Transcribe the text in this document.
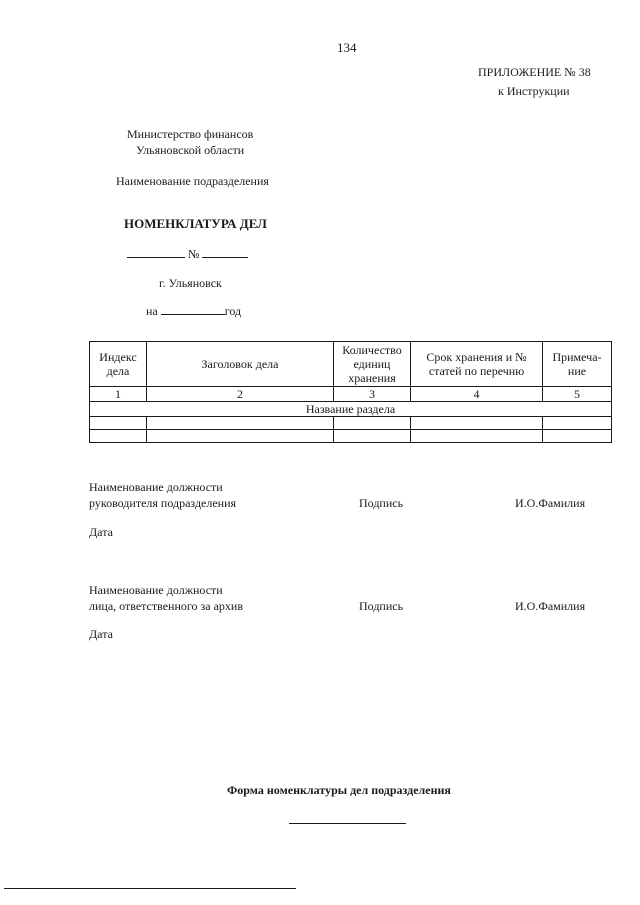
134
ПРИЛОЖЕНИЕ № 38
к Инструкции
Министерство финансов
Ульяновской области
Наименование подразделения
НОМЕНКЛАТУРА ДЕЛ
№
г. Ульяновск
на	год
Индекс дела	Заголовок дела	Количество единиц хранения	Срок хранения и № статей по перечню	Примеча-ние
1	2	3	4	5
Название раздела				

Наименование должности
руководителя подразделения	Подпись	И.О.Фамилия
Дата
Наименование должности
лица, ответственного за архив	Подпись	И.О.Фамилия
Дата
Форма номенклатуры дел подразделения
